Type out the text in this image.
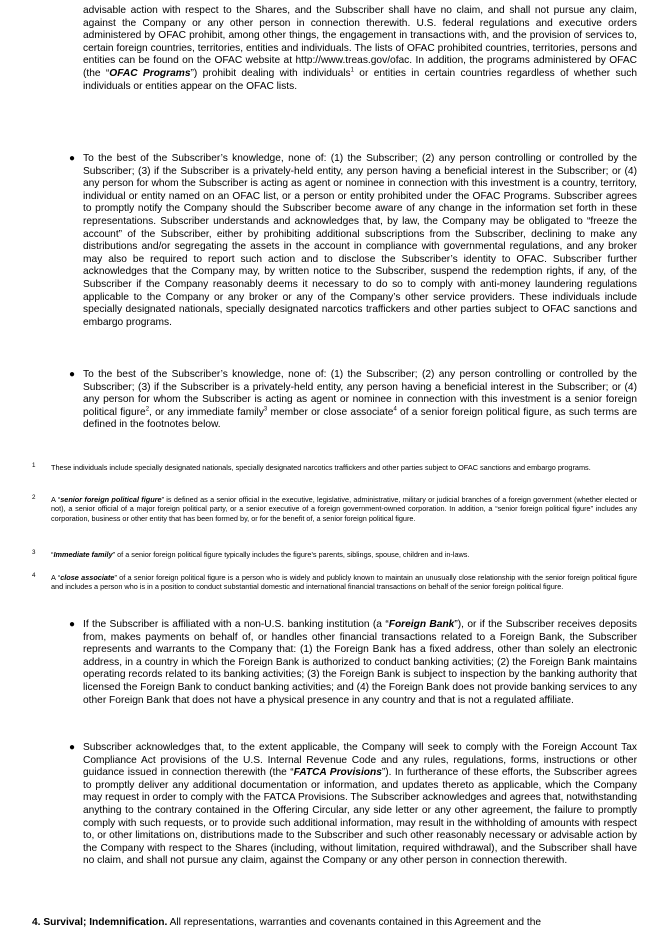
advisable action with respect to the Shares, and the Subscriber shall have no claim, and shall not pursue any claim, against the Company or any other person in connection therewith. U.S. federal regulations and executive orders administered by OFAC prohibit, among other things, the engagement in transactions with, and the provision of services to, certain foreign countries, territories, entities and individuals. The lists of OFAC prohibited countries, territories, persons and entities can be found on the OFAC website at http://www.treas.gov/ofac. In addition, the programs administered by OFAC (the “OFAC Programs”) prohibit dealing with individuals$^1$ or entities in certain countries regardless of whether such individuals or entities appear on the OFAC lists.

● To the best of the Subscriber’s knowledge, none of: (1) the Subscriber; (2) any person controlling or controlled by the Subscriber; (3) if the Subscriber is a privately-held entity, any person having a beneficial interest in the Subscriber; or (4) any person for whom the Subscriber is acting as agent or nominee in connection with this investment is a country, territory, individual or entity named on an OFAC list, or a person or entity prohibited under the OFAC Programs. Subscriber agrees to promptly notify the Company should the Subscriber become aware of any change in the information set forth in these representations. Subscriber understands and acknowledges that, by law, the Company may be obligated to “freeze the account” of the Subscriber, either by prohibiting additional subscriptions from the Subscriber, declining to make any distributions and/or segregating the assets in the account in compliance with governmental regulations, and any broker may also be required to report such action and to disclose the Subscriber’s identity to OFAC. Subscriber further acknowledges that the Company may, by written notice to the Subscriber, suspend the redemption rights, if any, of the Subscriber if the Company reasonably deems it necessary to do so to comply with anti-money laundering regulations applicable to the Company or any broker or any of the Company’s other service providers. These individuals include specially designated nationals, specially designated narcotics traffickers and other parties subject to OFAC sanctions and embargo programs.

● To the best of the Subscriber’s knowledge, none of: (1) the Subscriber; (2) any person controlling or controlled by the Subscriber; (3) if the Subscriber is a privately-held entity, any person having a beneficial interest in the Subscriber; or (4) any person for whom the Subscriber is acting as agent or nominee in connection with this investment is a senior foreign political figure$^2$, or any immediate family$^3$ member or close associate$^4$ of a senior foreign political figure, as such terms are defined in the footnotes below.

1 These individuals include specially designated nationals, specially designated narcotics traffickers and other parties subject to OFAC sanctions and embargo programs.

2 A “senior foreign political figure” is defined as a senior official in the executive, legislative, administrative, military or judicial branches of a foreign government (whether elected or not), a senior official of a major foreign political party, or a senior executive of a foreign government-owned corporation. In addition, a “senior foreign political figure” includes any corporation, business or other entity that has been formed by, or for the benefit of, a senior foreign political figure.

3 “Immediate family” of a senior foreign political figure typically includes the figure’s parents, siblings, spouse, children and in-laws.

4 A “close associate” of a senior foreign political figure is a person who is widely and publicly known to maintain an unusually close relationship with the senior foreign political figure and includes a person who is in a position to conduct substantial domestic and international financial transactions on behalf of the senior foreign political figure.

● If the Subscriber is affiliated with a non-U.S. banking institution (a “Foreign Bank”), or if the Subscriber receives deposits from, makes payments on behalf of, or handles other financial transactions related to a Foreign Bank, the Subscriber represents and warrants to the Company that: (1) the Foreign Bank has a fixed address, other than solely an electronic address, in a country in which the Foreign Bank is authorized to conduct banking activities; (2) the Foreign Bank maintains operating records related to its banking activities; (3) the Foreign Bank is subject to inspection by the banking authority that licensed the Foreign Bank to conduct banking activities; and (4) the Foreign Bank does not provide banking services to any other Foreign Bank that does not have a physical presence in any country and that is not a regulated affiliate.

● Subscriber acknowledges that, to the extent applicable, the Company will seek to comply with the Foreign Account Tax Compliance Act provisions of the U.S. Internal Revenue Code and any rules, regulations, forms, instructions or other guidance issued in connection therewith (the “FATCA Provisions”). In furtherance of these efforts, the Subscriber agrees to promptly deliver any additional documentation or information, and updates thereto as applicable, which the Company may request in order to comply with the FATCA Provisions. The Subscriber acknowledges and agrees that, notwithstanding anything to the contrary contained in the Offering Circular, any side letter or any other agreement, the failure to promptly comply with such requests, or to provide such additional information, may result in the withholding of amounts with respect to, or other limitations on, distributions made to the Subscriber and such other reasonably necessary or advisable action by the Company with respect to the Shares (including, without limitation, required withdrawal), and the Subscriber shall have no claim, and shall not pursue any claim, against the Company or any other person in connection therewith.

4. Survival; Indemnification. All representations, warranties and covenants contained in this Agreement and the
